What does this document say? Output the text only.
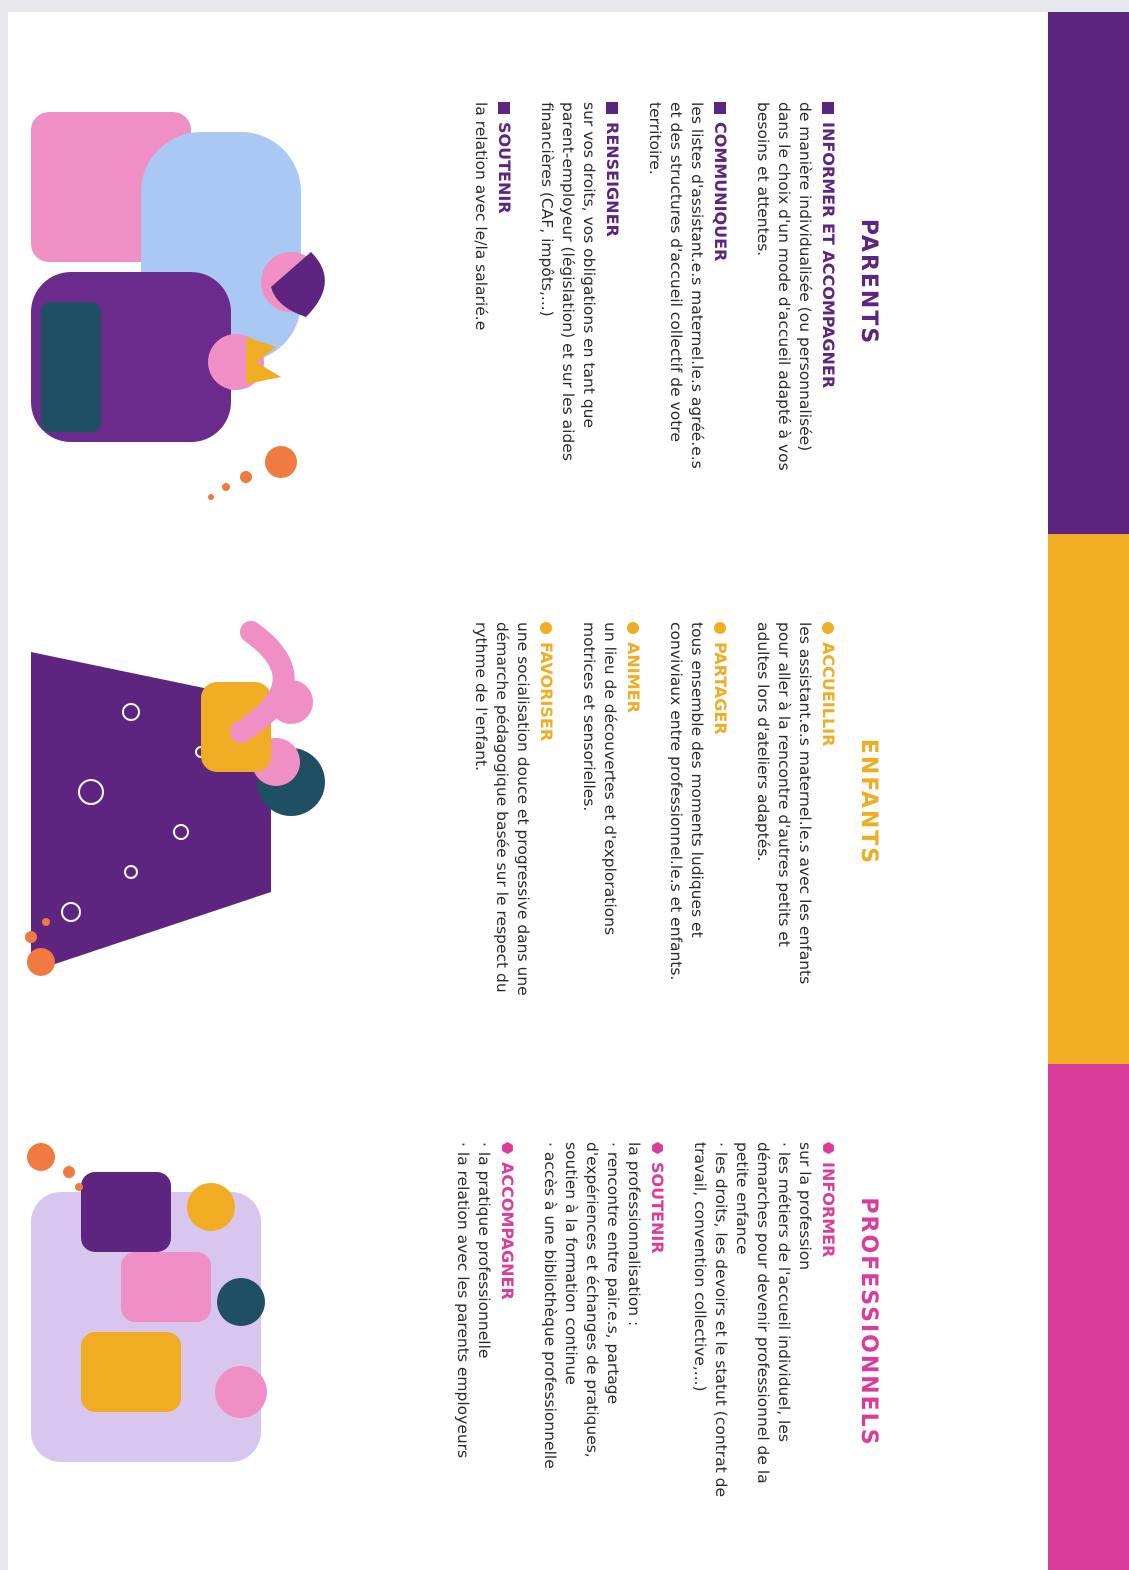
PARENTS
INFORMER ET ACCOMPAGNER
de manière individualisée (ou personnalisée)
dans le choix d'un mode d'accueil adapté à vos
besoins et attentes.
COMMUNIQUER
les listes d'assistant.e.s maternel.le.s agréé.e.s
et des structures d'accueil collectif de votre
territoire.
RENSEIGNER
sur vos droits, vos obligations en tant que
parent-employeur (législation) et sur les aides
financières (CAF, impôts,...)
SOUTENIR
la relation avec le/la salarié.e
ENFANTS
ACCUEILLIR
les assistant.e.s maternel.le.s avec les enfants
pour aller à la rencontre d'autres petits et
adultes lors d'ateliers adaptés.
PARTAGER
tous ensemble des moments ludiques et
conviviaux entre professionnel.le.s et enfants.
ANIMER
un lieu de découvertes et d'explorations
motrices et sensorielles.
FAVORISER
une socialisation douce et progressive dans une
démarche pédagogique basée sur le respect du
rythme de l'enfant.
PROFESSIONNELS
INFORMER
sur la profession
· les métiers de l'accueil individuel, les
démarches pour devenir professionnel de la
petite enfance
· les droits, les devoirs et le statut (contrat de
travail, convention collective,...)
SOUTENIR
la professionnalisation :
· rencontre entre pair.e.s, partage
d'expériences et échanges de pratiques,
soutien à la formation continue
· accès à une bibliothèque professionnelle
ACCOMPAGNER
· la pratique professionnelle
· la relation avec les parents employeurs
